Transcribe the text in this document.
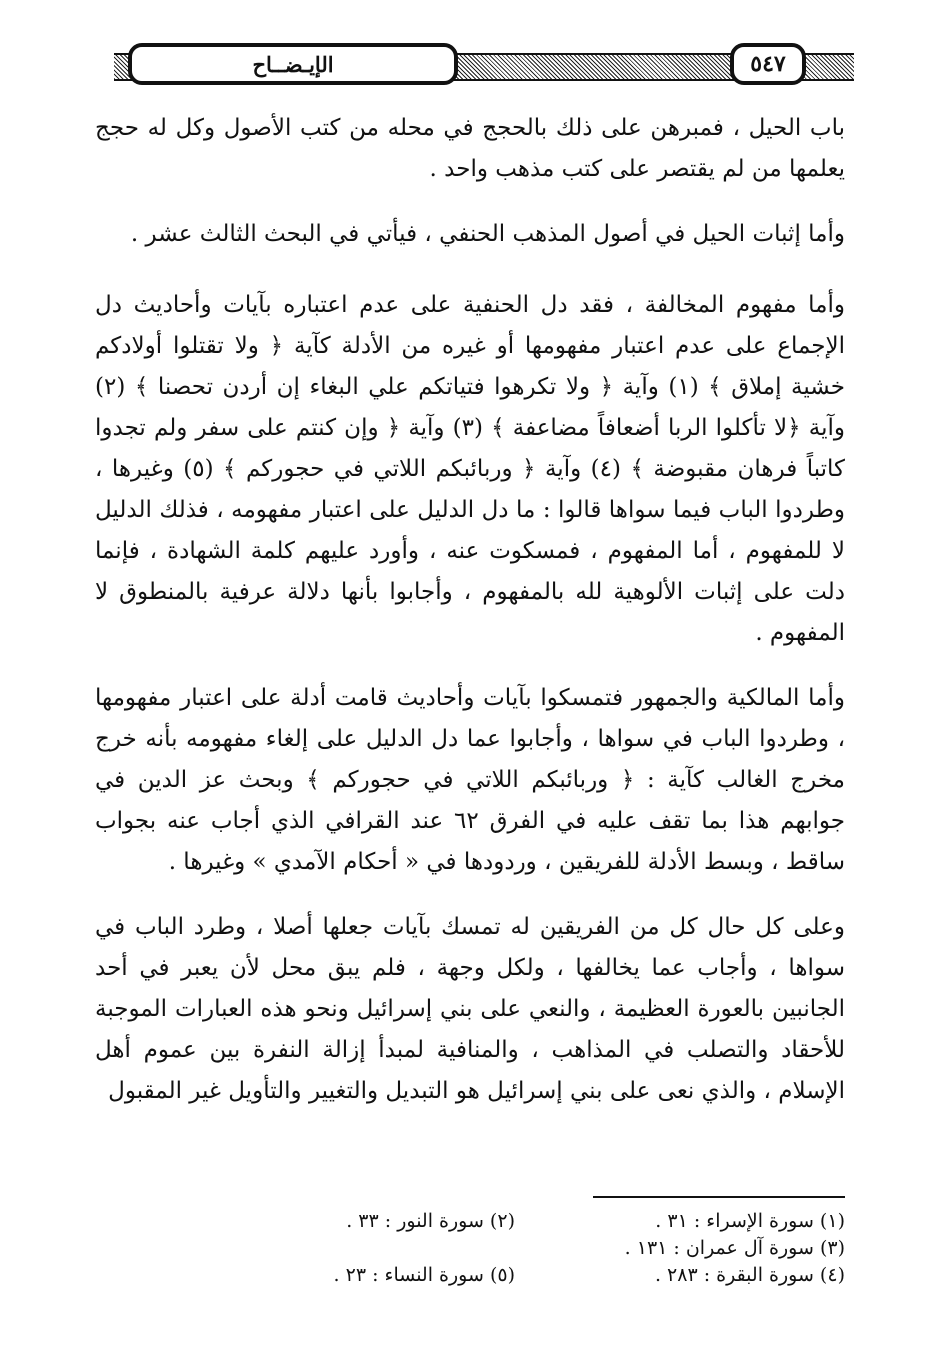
الإيـضــاح	٥٤٧

باب الحيل ، فمبرهن على ذلك بالحجج في محله من كتب الأصول وكل له حجج يعلمها من لم يقتصر على كتب مذهب واحد .

وأما إثبات الحيل في أصول المذهب الحنفي ، فيأتي في البحث الثالث عشر .

وأما مفهوم المخالفة ، فقد دل الحنفية على عدم اعتباره بآيات وأحاديث دل الإجماع على عدم اعتبار مفهومها أو غيره من الأدلة كآية ﴿ ولا تقتلوا أولادكم خشية إملاق ﴾ (١) وآية ﴿ ولا تكرهوا فتياتكم علي البغاء إن أردن تحصنا ﴾ (٢) وآية ﴿لا تأكلوا الربا أضعافاً مضاعفة ﴾ (٣) وآية ﴿ وإن كنتم على سفر ولم تجدوا كاتباً فرهان مقبوضة ﴾ (٤) وآية ﴿ وربائبكم اللاتي في حجوركم ﴾ (٥) وغيرها ، وطردوا الباب فيما سواها قالوا : ما دل الدليل على اعتبار مفهومه ، فذلك الدليل لا للمفهوم ، أما المفهوم ، فمسكوت عنه ، وأورد عليهم كلمة الشهادة ، فإنما دلت على إثبات الألوهية لله بالمفهوم ، وأجابوا بأنها دلالة عرفية بالمنطوق لا المفهوم .

وأما المالكية والجمهور فتمسكوا بآيات وأحاديث قامت أدلة على اعتبار مفهومها ، وطردوا الباب في سواها ، وأجابوا عما دل الدليل على إلغاء مفهومه بأنه خرج مخرج الغالب كآية : ﴿ وربائبكم اللاتي في حجوركم ﴾ وبحث عز الدين في جوابهم هذا بما تقف عليه في الفرق ٦٢ عند القرافي الذي أجاب عنه بجواب ساقط ، وبسط الأدلة للفريقين ، وردودها في « أحكام الآمدي » وغيرها .

وعلى كل حال كل من الفريقين له تمسك بآيات جعلها أصلا ، وطرد الباب في سواها ، وأجاب عما يخالفها ، ولكل وجهة ، فلم يبق محل لأن يعبر في أحد الجانبين بالعورة العظيمة ، والنعي على بني إسرائيل ونحو هذه العبارات الموجبة للأحقاد والتصلب في المذاهب ، والمنافية لمبدأ إزالة النفرة بين عموم أهل الإسلام ، والذي نعى على بني إسرائيل هو التبديل والتغيير والتأويل غير المقبول

(١) سورة الإسراء : ٣١ .
(٢) سورة النور : ٣٣ .
(٣) سورة آل عمران : ١٣١ .
(٤) سورة البقرة : ٢٨٣ .
(٥) سورة النساء : ٢٣ .
